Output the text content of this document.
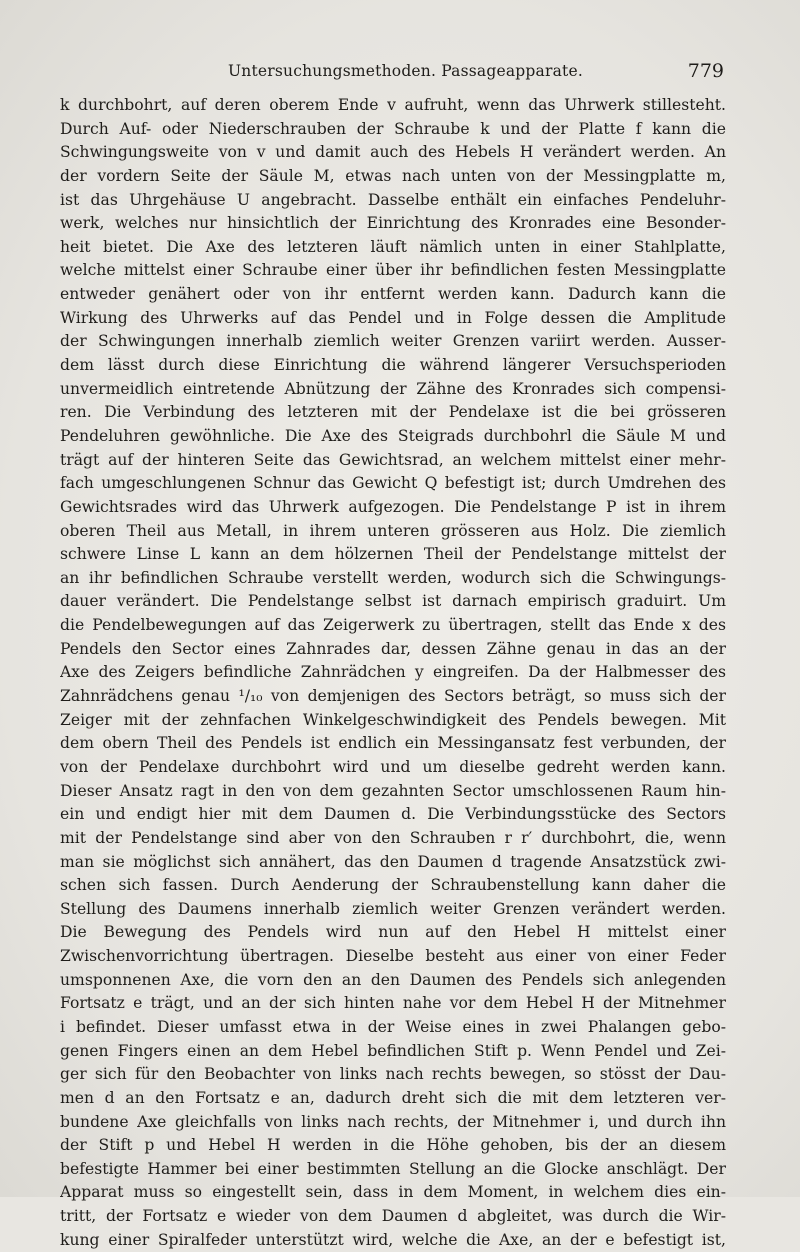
Untersuchungsmethoden. Passageapparate.	779
k durchbohrt, auf deren oberem Ende v aufruht, wenn das Uhrwerk stillesteht.
Durch Auf- oder Niederschrauben der Schraube k und der Platte f kann die
Schwingungsweite von v und damit auch des Hebels H verändert werden. An
der vordern Seite der Säule M, etwas nach unten von der Messingplatte m,
ist das Uhrgehäuse U angebracht. Dasselbe enthält ein einfaches Pendeluhr-
werk, welches nur hinsichtlich der Einrichtung des Kronrades eine Besonder-
heit bietet. Die Axe des letzteren läuft nämlich unten in einer Stahlplatte,
welche mittelst einer Schraube einer über ihr befindlichen festen Messingplatte
entweder genähert oder von ihr entfernt werden kann. Dadurch kann die
Wirkung des Uhrwerks auf das Pendel und in Folge dessen die Amplitude
der Schwingungen innerhalb ziemlich weiter Grenzen variirt werden. Ausser-
dem lässt durch diese Einrichtung die während längerer Versuchsperioden
unvermeidlich eintretende Abnützung der Zähne des Kronrades sich compensi-
ren. Die Verbindung des letzteren mit der Pendelaxe ist die bei grösseren
Pendeluhren gewöhnliche. Die Axe des Steigrads durchbohrl die Säule M und
trägt auf der hinteren Seite das Gewichtsrad, an welchem mittelst einer mehr-
fach umgeschlungenen Schnur das Gewicht Q befestigt ist; durch Umdrehen des
Gewichtsrades wird das Uhrwerk aufgezogen. Die Pendelstange P ist in ihrem
oberen Theil aus Metall, in ihrem unteren grösseren aus Holz. Die ziemlich
schwere Linse L kann an dem hölzernen Theil der Pendelstange mittelst der
an ihr befindlichen Schraube verstellt werden, wodurch sich die Schwingungs-
dauer verändert. Die Pendelstange selbst ist darnach empirisch graduirt. Um
die Pendelbewegungen auf das Zeigerwerk zu übertragen, stellt das Ende x des
Pendels den Sector eines Zahnrades dar, dessen Zähne genau in das an der
Axe des Zeigers befindliche Zahnrädchen y eingreifen. Da der Halbmesser des
Zahnrädchens genau ¹/₁₀ von demjenigen des Sectors beträgt, so muss sich der
Zeiger mit der zehnfachen Winkelgeschwindigkeit des Pendels bewegen. Mit
dem obern Theil des Pendels ist endlich ein Messingansatz fest verbunden, der
von der Pendelaxe durchbohrt wird und um dieselbe gedreht werden kann.
Dieser Ansatz ragt in den von dem gezahnten Sector umschlossenen Raum hin-
ein und endigt hier mit dem Daumen d. Die Verbindungsstücke des Sectors
mit der Pendelstange sind aber von den Schrauben r r′ durchbohrt, die, wenn
man sie möglichst sich annähert, das den Daumen d tragende Ansatzstück zwi-
schen sich fassen. Durch Aenderung der Schraubenstellung kann daher die
Stellung des Daumens innerhalb ziemlich weiter Grenzen verändert werden.
Die Bewegung des Pendels wird nun auf den Hebel H mittelst einer
Zwischenvorrichtung übertragen. Dieselbe besteht aus einer von einer Feder
umsponnenen Axe, die vorn den an den Daumen des Pendels sich anlegenden
Fortsatz e trägt, und an der sich hinten nahe vor dem Hebel H der Mitnehmer
i befindet. Dieser umfasst etwa in der Weise eines in zwei Phalangen gebo-
genen Fingers einen an dem Hebel befindlichen Stift p. Wenn Pendel und Zei-
ger sich für den Beobachter von links nach rechts bewegen, so stösst der Dau-
men d an den Fortsatz e an, dadurch dreht sich die mit dem letzteren ver-
bundene Axe gleichfalls von links nach rechts, der Mitnehmer i, und durch ihn
der Stift p und Hebel H werden in die Höhe gehoben, bis der an diesem
befestigte Hammer bei einer bestimmten Stellung an die Glocke anschlägt. Der
Apparat muss so eingestellt sein, dass in dem Moment, in welchem dies ein-
tritt, der Fortsatz e wieder von dem Daumen d abgleitet, was durch die Wir-
kung einer Spiralfeder unterstützt wird, welche die Axe, an der e befestigt ist,
